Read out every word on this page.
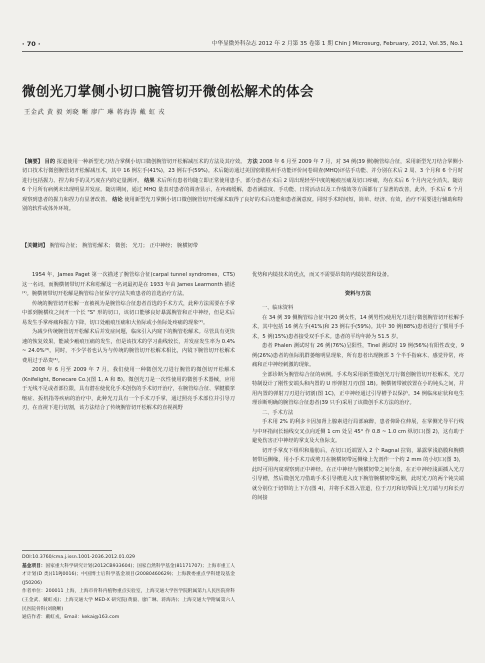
· 70 ·	中华显微外科杂志 2012 年 2 月第 35 卷第 1 期 Chin J Microsurg, February, 2012, Vol.35, No.1
微创光刀掌侧小切口腕管切开微创松解术的体会
王金武 黄 毅 刘晓 晰 廖广 琳 蒋海涛 戴 虹 戎
【摘要】 目的 报道使用一种新型光刀结合掌侧小切口微创腕管切开松解减压术的方法及其疗效。 方法 2008 年 6 月至 2009 年 7 月，对 34 例(39 侧)腕管综合征，采用新型光刀结合掌侧小切口技术行微创腕管切开松解减压术，其中 16 例左手(41%)，23 例右手(59%)。术后随访通过美国密歇根州手功能评价问卷调查(MHQ)评估手功能、并分别在术后 2 周、3 个月和 6 个月时进行包括握力、捏力和手的灵巧度在内的定量测评。 结果 术后所有患者均随立即正常使用患手，部分患者在术后 2 周出现轻至中度的瘢痕压痛及切口疼痛，均在术后 6 个月内完全消失。随访 6 个月所有病例未出现明显并发症。随访期间，通过 MHQ 量表对患者的调查显示，在疼痛缓解，患者满意度、手功能、日常活动以及工作绩效等方面都有了显著的改善，此外，手术后 6 个月观察到患者的握力和捏力有显著改善。 结论 使用新型光刀掌侧小切口微创腕管切开松解术取得了良好的术后功能和患者满意度。同时手术时间短，简单、经济、有效，治疗不需要进行辅助和特别的软件或体外环境。
【关键词】 腕管综合征； 腕管松解术； 微创； 光刀； 正中神经； 腕横韧带

1954 年，James Paget 第一次描述了腕管综合征(carpal tunnel syndromes，CTS)这一名词，而腕横韧带切开术和松解这一名词最初是在 1933 年由 James Learmonth 描述⁽¹⁾。腕横韧带切开松解是腕管综合征保守疗法失败患者的首选治疗方法。

传统的腕管切开松解一直被视为是腕管综合征患者首选的手术方式，此种方法需要在手掌中部到腕横纹之间开一个长 "S" 形的切口，该切口能够良好暴露腕管和正中神经，但是术后易发生手掌疼痛和握力下降，切口处瘢痕压痛和大鱼际或小鱼际处疼痛的现象⁽²⁾。

为减少传统腕管切开松解术后并发症问题，临床引入内窥下的腕管松解术。尽管具有更快速的恢复效果，能减少瘢痕压痛的发生，但是该技术的学习曲线较长，并发症发生率为 0.4% ~ 24.0%⁽³⁾。同时，不少学者也认为与传统的腕管切开松解术相比，内镜下腕管切开松解术费用过于昂贵⁽⁴⁾。

2008 年 6 月至 2009 年 7 月，我们使用一种微创光刀进行腕管的微创切开松解术(Knifelight, Bonecare Co.)(图 1, A 和 B)。微创光刀是一次性使用的微创手术器械，应用于无线不足或者部位限，具有潜在使优化手术创伤的手术切开治疗，在腕管综合征、掌腱膜挛缩症、扳机指等疾病的治疗中，此种光刀具有一个手术刀手掌，通过照亮手术部位并引导刀刃，在直视下进行切割，该方法结合了传统腕管切开松解术的直视视野

DOI:10.3760/cma.j.issn.1001-2036.2012.01.029

基金项目：国家重大科学研究计划(2012CB933604)；国家自然科学基金(81171707)；上海市重工人才计划(D 类)(11PJ0016)；中国博士后科学基金项目(20080460629)；上海教委重点学科建设基金(J50206)

作者单位：200011 上海，上海市骨科内植物重点实验室，上海交通大学医学院附属第九人民医院骨科(王金武、戴虹戎)；上海交通大学 MED-X 研究院(黄毅、廖广琳、蒋海涛)；上海交通大学附属第六人民医院骨科(刘晓晰)

通信作者：戴虹戎，Email：kekai@163.com

优势和内镜技术的优点，而又不需要昂贵的内镜装置和设备。

资料与方法

一、临床资料

在 34 例 39 侧腕管综合征中(20 例女性，14 例男性)使用光刀进行微创腕管切开松解手术，其中包括 16 例左手(41%)和 23 例右手(59%)。其中 30 例(88%)患者进行了惯用手手术，5 例(15%)患者接受双手手术。患者的平均年龄为 51.5 岁。

患者 Phalen 测试时有 26 例(76%)呈阳性，Tinel 测试时 19 例(56%)有阳性改变，9 例(26%)患者的鱼际肌群萎缩明显现象，所有患者出现腕部 3 个半手指麻木、感觉异常，疼痛和正中神经刺激的现象。

全部诊断为腕管综合征的病例。手术均采用新型微创光刀行微创腕管切开松解术，光刀特制设计了刚性安端头和内置的 U 形弹射刀刃(图 1B)。腕横韧带被放置在小的钝头之间，并用内置的弹射刀刃进行切割(图 1C)，正中神经通过引导槽予以保护。34 例临床症状和电生理诊断明确的腕管综合征患者(39 只手)采用了该微创手术方法的治疗。

二、手术方法

手术用 2% 的利多卡因加肾上腺素进行局部麻醉，患者仰卧位伸展，在掌侧光导平行线与中环指间长轴线交叉点向近侧 1 cm 处呈 45° 作 0.8 ~ 1.0 cm 纵切口(图 2)，这有助于避免伤害正中神经的掌支及大鱼际支。

切开手掌皮下组织和脂肪后，在切口近端置入 2 个 Ragnal 拉钩，暴露掌浅筋膜和腕横韧带远侧缘，用小手术刀或剪刀在腕横韧带远侧缘上先剖作一个约 2 mm 的小切口(图 3)，此时可用内窥观察到正中神经。在正中神经与腕横韧带之间分离，在正中神经浅面插入光刀引导槽，然后微创光刀借助手术引导槽进入皮下腕管腕横韧带远侧，此时光刀的两个钝尖端就分别位于切带的上下方(图 4)，并将手术置入管道，位于刀刃和切带面上光刀端与刃和长刃的间接
